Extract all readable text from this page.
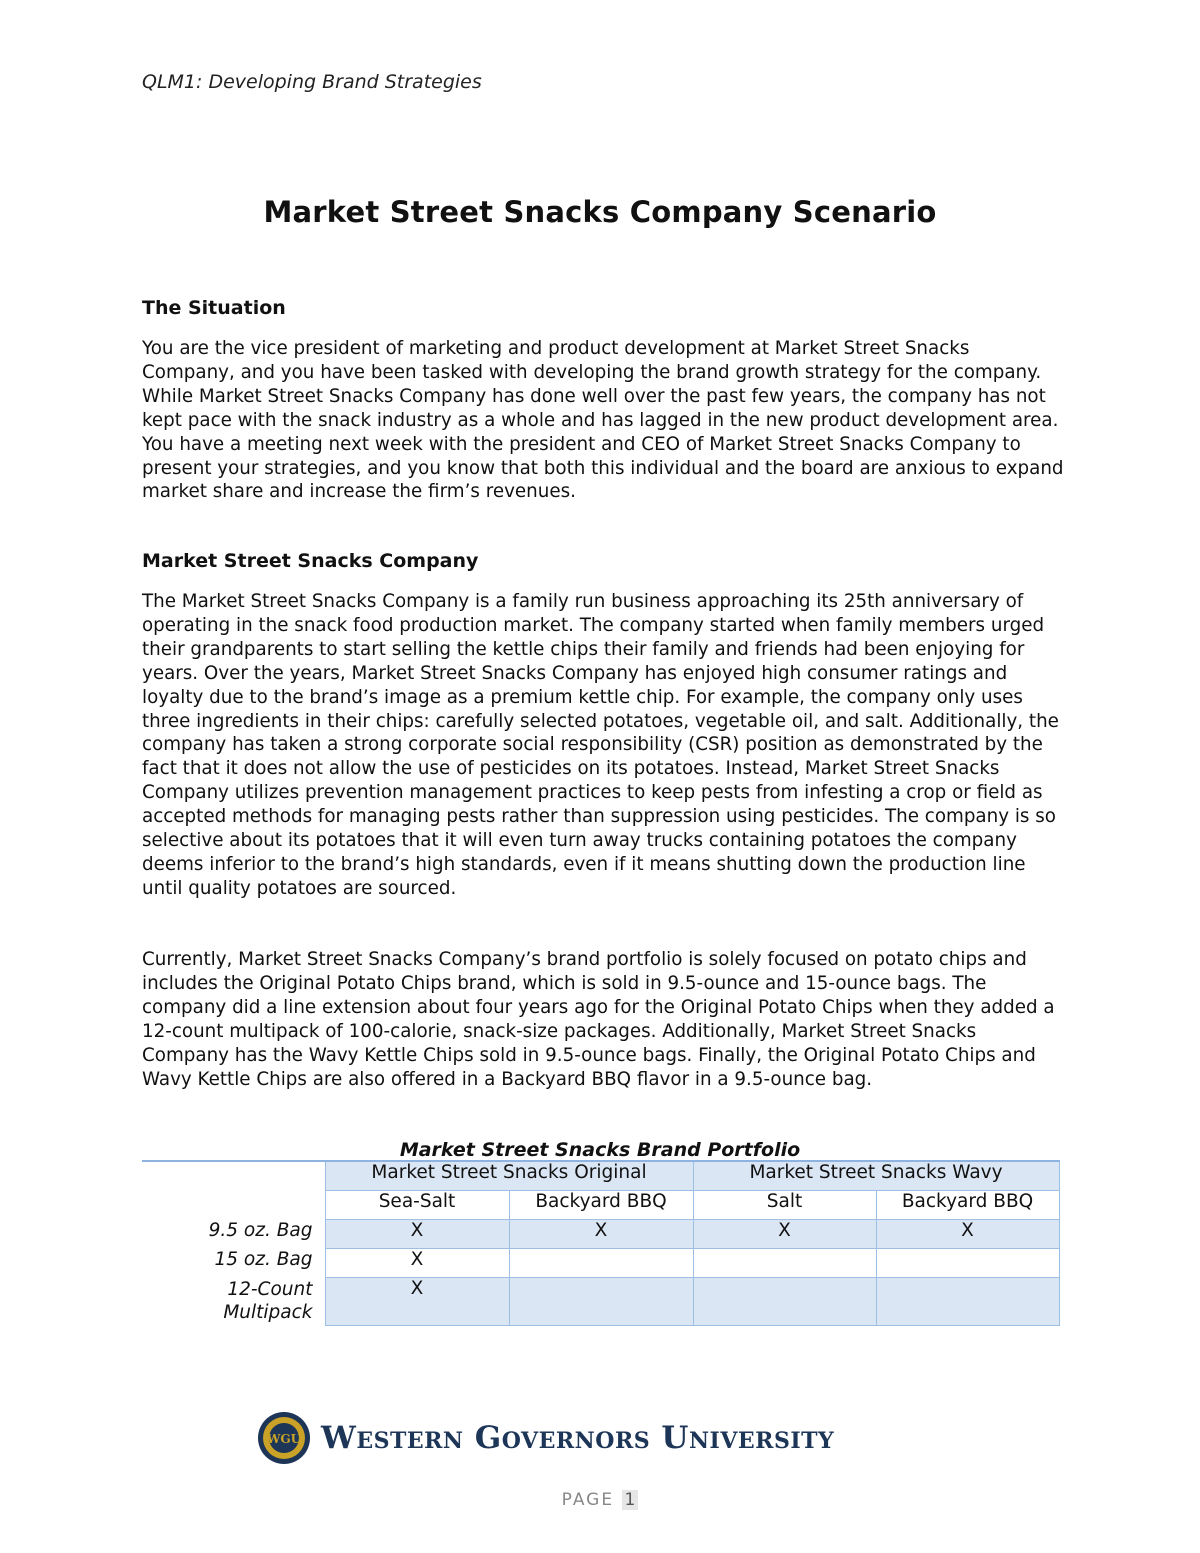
QLM1: Developing Brand Strategies
Market Street Snacks Company Scenario
The Situation

You are the vice president of marketing and product development at Market Street Snacks Company, and you have been tasked with developing the brand growth strategy for the company. While Market Street Snacks Company has done well over the past few years, the company has not kept pace with the snack industry as a whole and has lagged in the new product development area. You have a meeting next week with the president and CEO of Market Street Snacks Company to present your strategies, and you know that both this individual and the board are anxious to expand market share and increase the firm’s revenues.

Market Street Snacks Company

The Market Street Snacks Company is a family run business approaching its 25th anniversary of operating in the snack food production market. The company started when family members urged their grandparents to start selling the kettle chips their family and friends had been enjoying for years. Over the years, Market Street Snacks Company has enjoyed high consumer ratings and loyalty due to the brand’s image as a premium kettle chip. For example, the company only uses three ingredients in their chips: carefully selected potatoes, vegetable oil, and salt. Additionally, the company has taken a strong corporate social responsibility (CSR) position as demonstrated by the fact that it does not allow the use of pesticides on its potatoes. Instead, Market Street Snacks Company utilizes prevention management practices to keep pests from infesting a crop or field as accepted methods for managing pests rather than suppression using pesticides. The company is so selective about its potatoes that it will even turn away trucks containing potatoes the company deems inferior to the brand’s high standards, even if it means shutting down the production line until quality potatoes are sourced.

Currently, Market Street Snacks Company’s brand portfolio is solely focused on potato chips and includes the Original Potato Chips brand, which is sold in 9.5-ounce and 15-ounce bags. The company did a line extension about four years ago for the Original Potato Chips when they added a 12-count multipack of 100-calorie, snack-size packages. Additionally, Market Street Snacks Company has the Wavy Kettle Chips sold in 9.5-ounce bags. Finally, the Original Potato Chips and Wavy Kettle Chips are also offered in a Backyard BBQ flavor in a 9.5-ounce bag.

Market Street Snacks Brand Portfolio
	Market Street Snacks Original		Market Street Snacks Wavy	
	Sea-Salt	Backyard BBQ	Salt	Backyard BBQ
9.5 oz. Bag	X	X	X	X
15 oz. Bag	X			
12-Count Multipack	X			
WGU Western Governors University
PAGE 1
